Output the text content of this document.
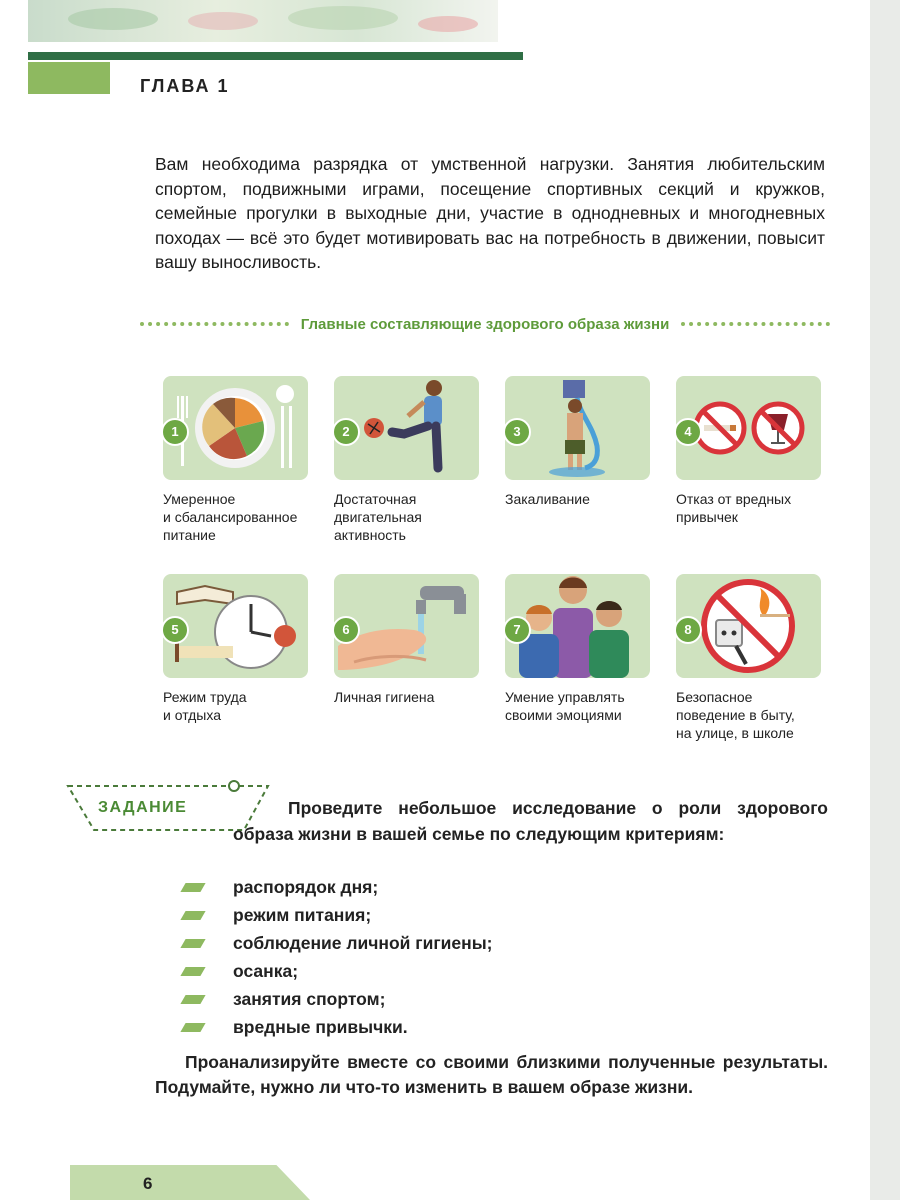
ГЛАВА 1

Вам необходима разрядка от умственной нагрузки. Занятия любительским спортом, подвижными играми, посещение спортивных секций и кружков, семейные прогулки в выходные дни, участие в однодневных и многодневных походах — всё это будет мотивировать вас на потребность в движении, повысит вашу выносливость.

Главные составляющие здорового образа жизни
1
Умеренное
и сбалансированное
питание
2
Достаточная
двигательная
активность
3
Закаливание
4
Отказ от вредных
привычек
5
Режим труда
и отдыха
6
Личная гигиена
7
Умение управлять
своими эмоциями
8
Безопасное
поведение в быту,
на улице, в школе
ЗАДАНИЕ	Проведите небольшое исследование о роли здорового образа жизни в вашей семье по следующим критериям:

распорядок дня;
режим питания;
соблюдение личной гигиены;
осанка;
занятия спортом;
вредные привычки.

Проанализируйте вместе со своими близкими полученные результаты. Подумайте, нужно ли что-то изменить в вашем образе жизни.

6
